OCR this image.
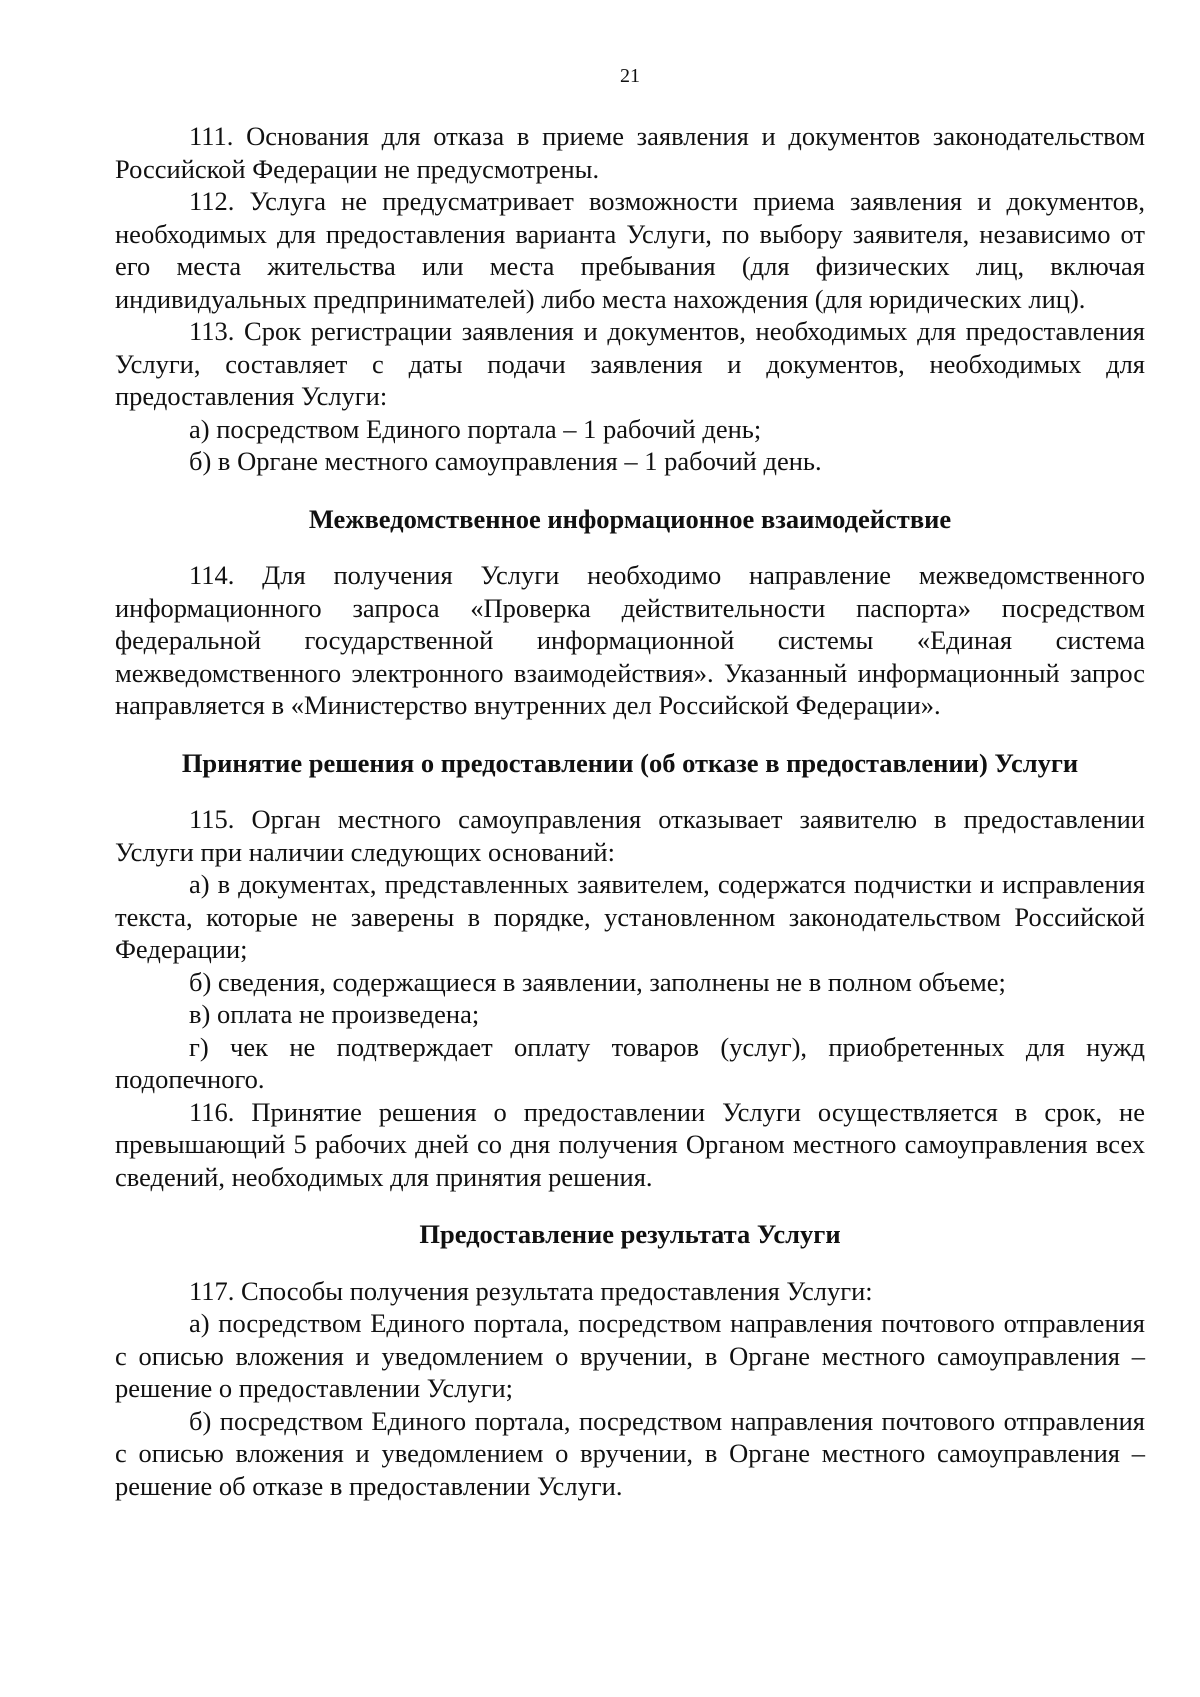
21

111. Основания для отказа в приеме заявления и документов законодательством Российской Федерации не предусмотрены.

112. Услуга не предусматривает возможности приема заявления и документов, необходимых для предоставления варианта Услуги, по выбору заявителя, независимо от его места жительства или места пребывания (для физических лиц, включая индивидуальных предпринимателей) либо места нахождения (для юридических лиц).

113. Срок регистрации заявления и документов, необходимых для предоставления Услуги, составляет с даты подачи заявления и документов, необходимых для предоставления Услуги:

а) посредством Единого портала – 1 рабочий день;

б) в Органе местного самоуправления – 1 рабочий день.

Межведомственное информационное взаимодействие

114. Для получения Услуги необходимо направление межведомственного информационного запроса «Проверка действительности паспорта» посредством федеральной государственной информационной системы «Единая система межведомственного электронного взаимодействия». Указанный информационный запрос направляется в «Министерство внутренних дел Российской Федерации».

Принятие решения о предоставлении (об отказе в предоставлении) Услуги

115. Орган местного самоуправления отказывает заявителю в предоставлении Услуги при наличии следующих оснований:

а) в документах, представленных заявителем, содержатся подчистки и исправления текста, которые не заверены в порядке, установленном законодательством Российской Федерации;

б) сведения, содержащиеся в заявлении, заполнены не в полном объеме;

в) оплата не произведена;

г) чек не подтверждает оплату товаров (услуг), приобретенных для нужд подопечного.

116. Принятие решения о предоставлении Услуги осуществляется в срок, не превышающий 5 рабочих дней со дня получения Органом местного самоуправления всех сведений, необходимых для принятия решения.

Предоставление результата Услуги

117. Способы получения результата предоставления Услуги:

а) посредством Единого портала, посредством направления почтового отправления с описью вложения и уведомлением о вручении, в Органе местного самоуправления – решение о предоставлении Услуги;

б) посредством Единого портала, посредством направления почтового отправления с описью вложения и уведомлением о вручении, в Органе местного самоуправления – решение об отказе в предоставлении Услуги.
